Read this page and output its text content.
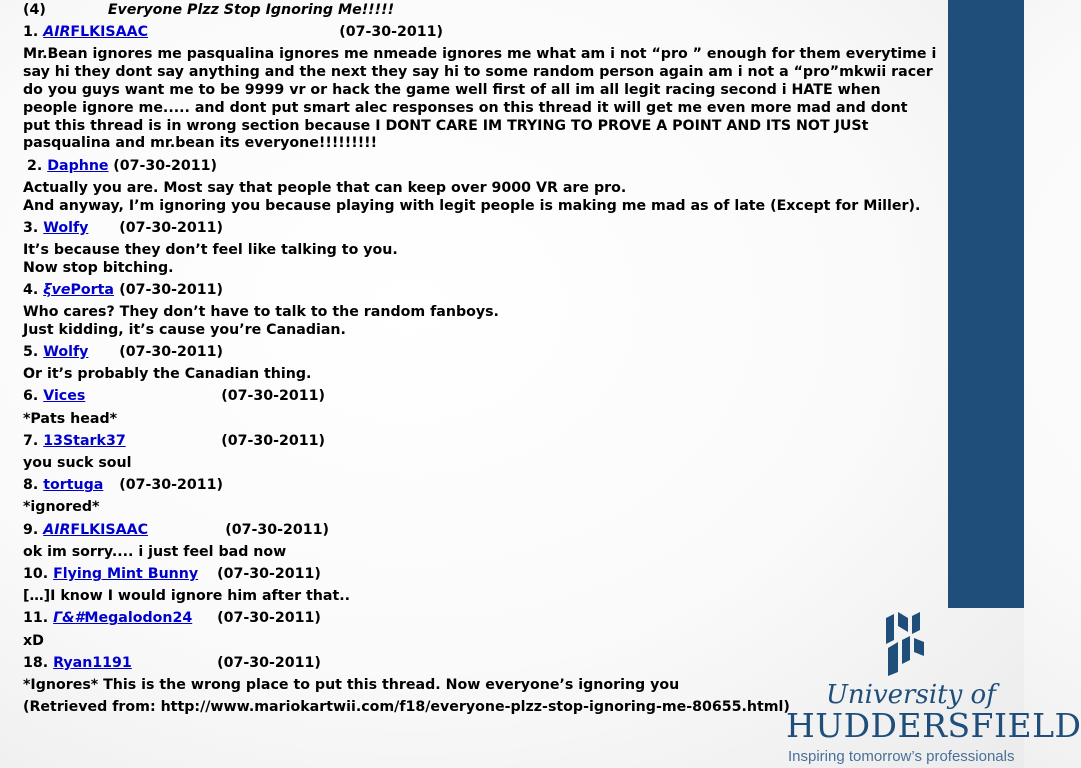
(4)	Everyone Plzz Stop Ignoring Me!!!!!
1. AIRFLKISAAC	(07-30-2011)
Mr.Bean ignores me pasqualina ignores me nmeade ignores me what am i not “pro ” enough for them everytime i say hi they dont say anything and the next they say hi to some random person again am i not a “pro”mkwii racer do you guys want me to be 9999 vr or hack the game well first of all im all legit racing second i HATE when people ignore me..... and dont put smart alec responses on this thread it will get me even more mad and dont put this thread is in wrong section because I DONT CARE IM TRYING TO PROVE A POINT AND ITS NOT JUSt pasqualina and mr.bean its everyone!!!!!!!!!
2. Daphne (07-30-2011)
Actually you are. Most say that people that can keep over 9000 VR are pro.
And anyway, I’m ignoring you because playing with legit people is making me mad as of late (Except for Miller).
3. Wolfy (07-30-2011)
It’s because they don’t feel like talking to you.
Now stop bitching.
4. ξvеPorta (07-30-2011)
Who cares? They don’t have to talk to the random fanboys.
Just kidding, it’s cause you’re Canadian.
5. Wolfy (07-30-2011)
Or it’s probably the Canadian thing.
6. Vices	(07-30-2011)
*Pats head*
7. 13Stark37	(07-30-2011)
you suck soul
8. tortuga (07-30-2011)
*ignored*
9. AIRFLKISAAC	(07-30-2011)
ok im sorry.... i just feel bad now
10. Flying Mint Bunny (07-30-2011)
[…]I know I would ignore him after that..
11. Г&#Megalodon24 (07-30-2011)
xD
18. Ryan1191	(07-30-2011)
*Ignores* This is the wrong place to put this thread. Now everyone’s ignoring you
(Retrieved from: http://www.mariokartwii.com/f18/everyone-plzz-stop-ignoring-me-80655.html)	University of
HUDDERSFIELD
Inspiring tomorrow’s professionals
